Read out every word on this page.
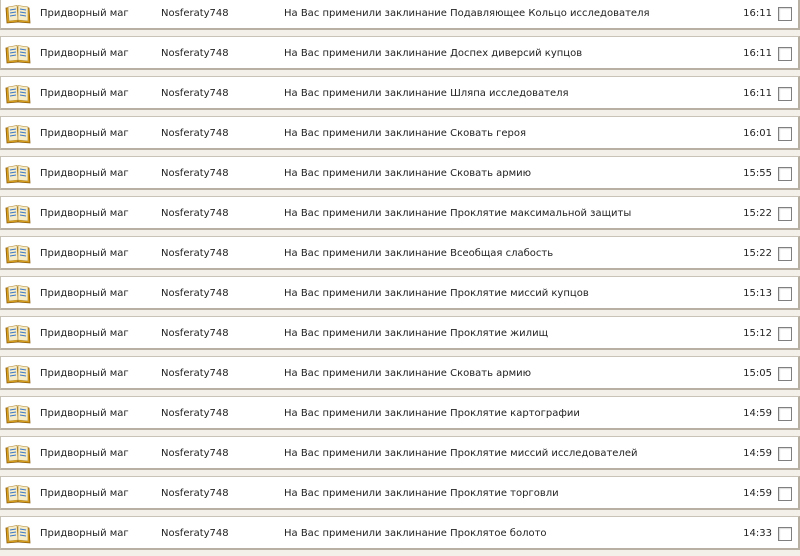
Придворный маг	Nosferaty748	На Вас применили заклинание Подавляющее Кольцо исследователя	16:11
Придворный маг	Nosferaty748	На Вас применили заклинание Доспех диверсий купцов	16:11
Придворный маг	Nosferaty748	На Вас применили заклинание Шляпа исследователя	16:11
Придворный маг	Nosferaty748	На Вас применили заклинание Сковать героя	16:01
Придворный маг	Nosferaty748	На Вас применили заклинание Сковать армию	15:55
Придворный маг	Nosferaty748	На Вас применили заклинание Проклятие максимальной защиты	15:22
Придворный маг	Nosferaty748	На Вас применили заклинание Всеобщая слабость	15:22
Придворный маг	Nosferaty748	На Вас применили заклинание Проклятие миссий купцов	15:13
Придворный маг	Nosferaty748	На Вас применили заклинание Проклятие жилищ	15:12
Придворный маг	Nosferaty748	На Вас применили заклинание Сковать армию	15:05
Придворный маг	Nosferaty748	На Вас применили заклинание Проклятие картографии	14:59
Придворный маг	Nosferaty748	На Вас применили заклинание Проклятие миссий исследователей	14:59
Придворный маг	Nosferaty748	На Вас применили заклинание Проклятие торговли	14:59
Придворный маг	Nosferaty748	На Вас применили заклинание Проклятое болото	14:33
